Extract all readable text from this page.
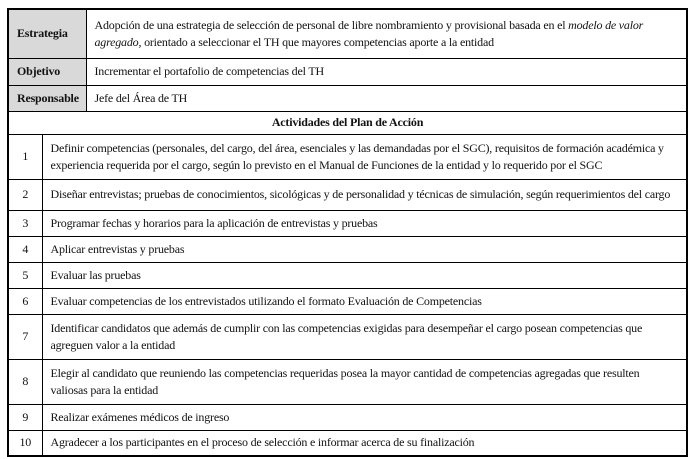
Estrategia		Adopción de una estrategia de selección de personal de libre nombramiento y provisional basada en el modelo de valor agregado, orientado a seleccionar el TH que mayores competencias aporte a la entidad
Objetivo		Incrementar el portafolio de competencias del TH
Responsable		Jefe del Área de TH
Actividades del Plan de Acción		
1	Definir competencias (personales, del cargo, del área, esenciales y las demandadas por el SGC), requisitos de formación académica y experiencia requerida por el cargo, según lo previsto en el Manual de Funciones de la entidad y lo requerido por el SGC	
2	Diseñar entrevistas; pruebas de conocimientos, sicológicas y de personalidad y técnicas de simulación, según requerimientos del cargo	
3	Programar fechas y horarios para la aplicación de entrevistas y pruebas	
4	Aplicar entrevistas y pruebas	
5	Evaluar las pruebas	
6	Evaluar competencias de los entrevistados utilizando el formato Evaluación de Competencias	
7	Identificar candidatos que además de cumplir con las competencias exigidas para desempeñar el cargo posean competencias que agreguen valor a la entidad	
8	Elegir al candidato que reuniendo las competencias requeridas posea la mayor cantidad de competencias agregadas que resulten valiosas para la entidad	
9	Realizar exámenes médicos de ingreso	
10	Agradecer a los participantes en el proceso de selección e informar acerca de su finalización	
